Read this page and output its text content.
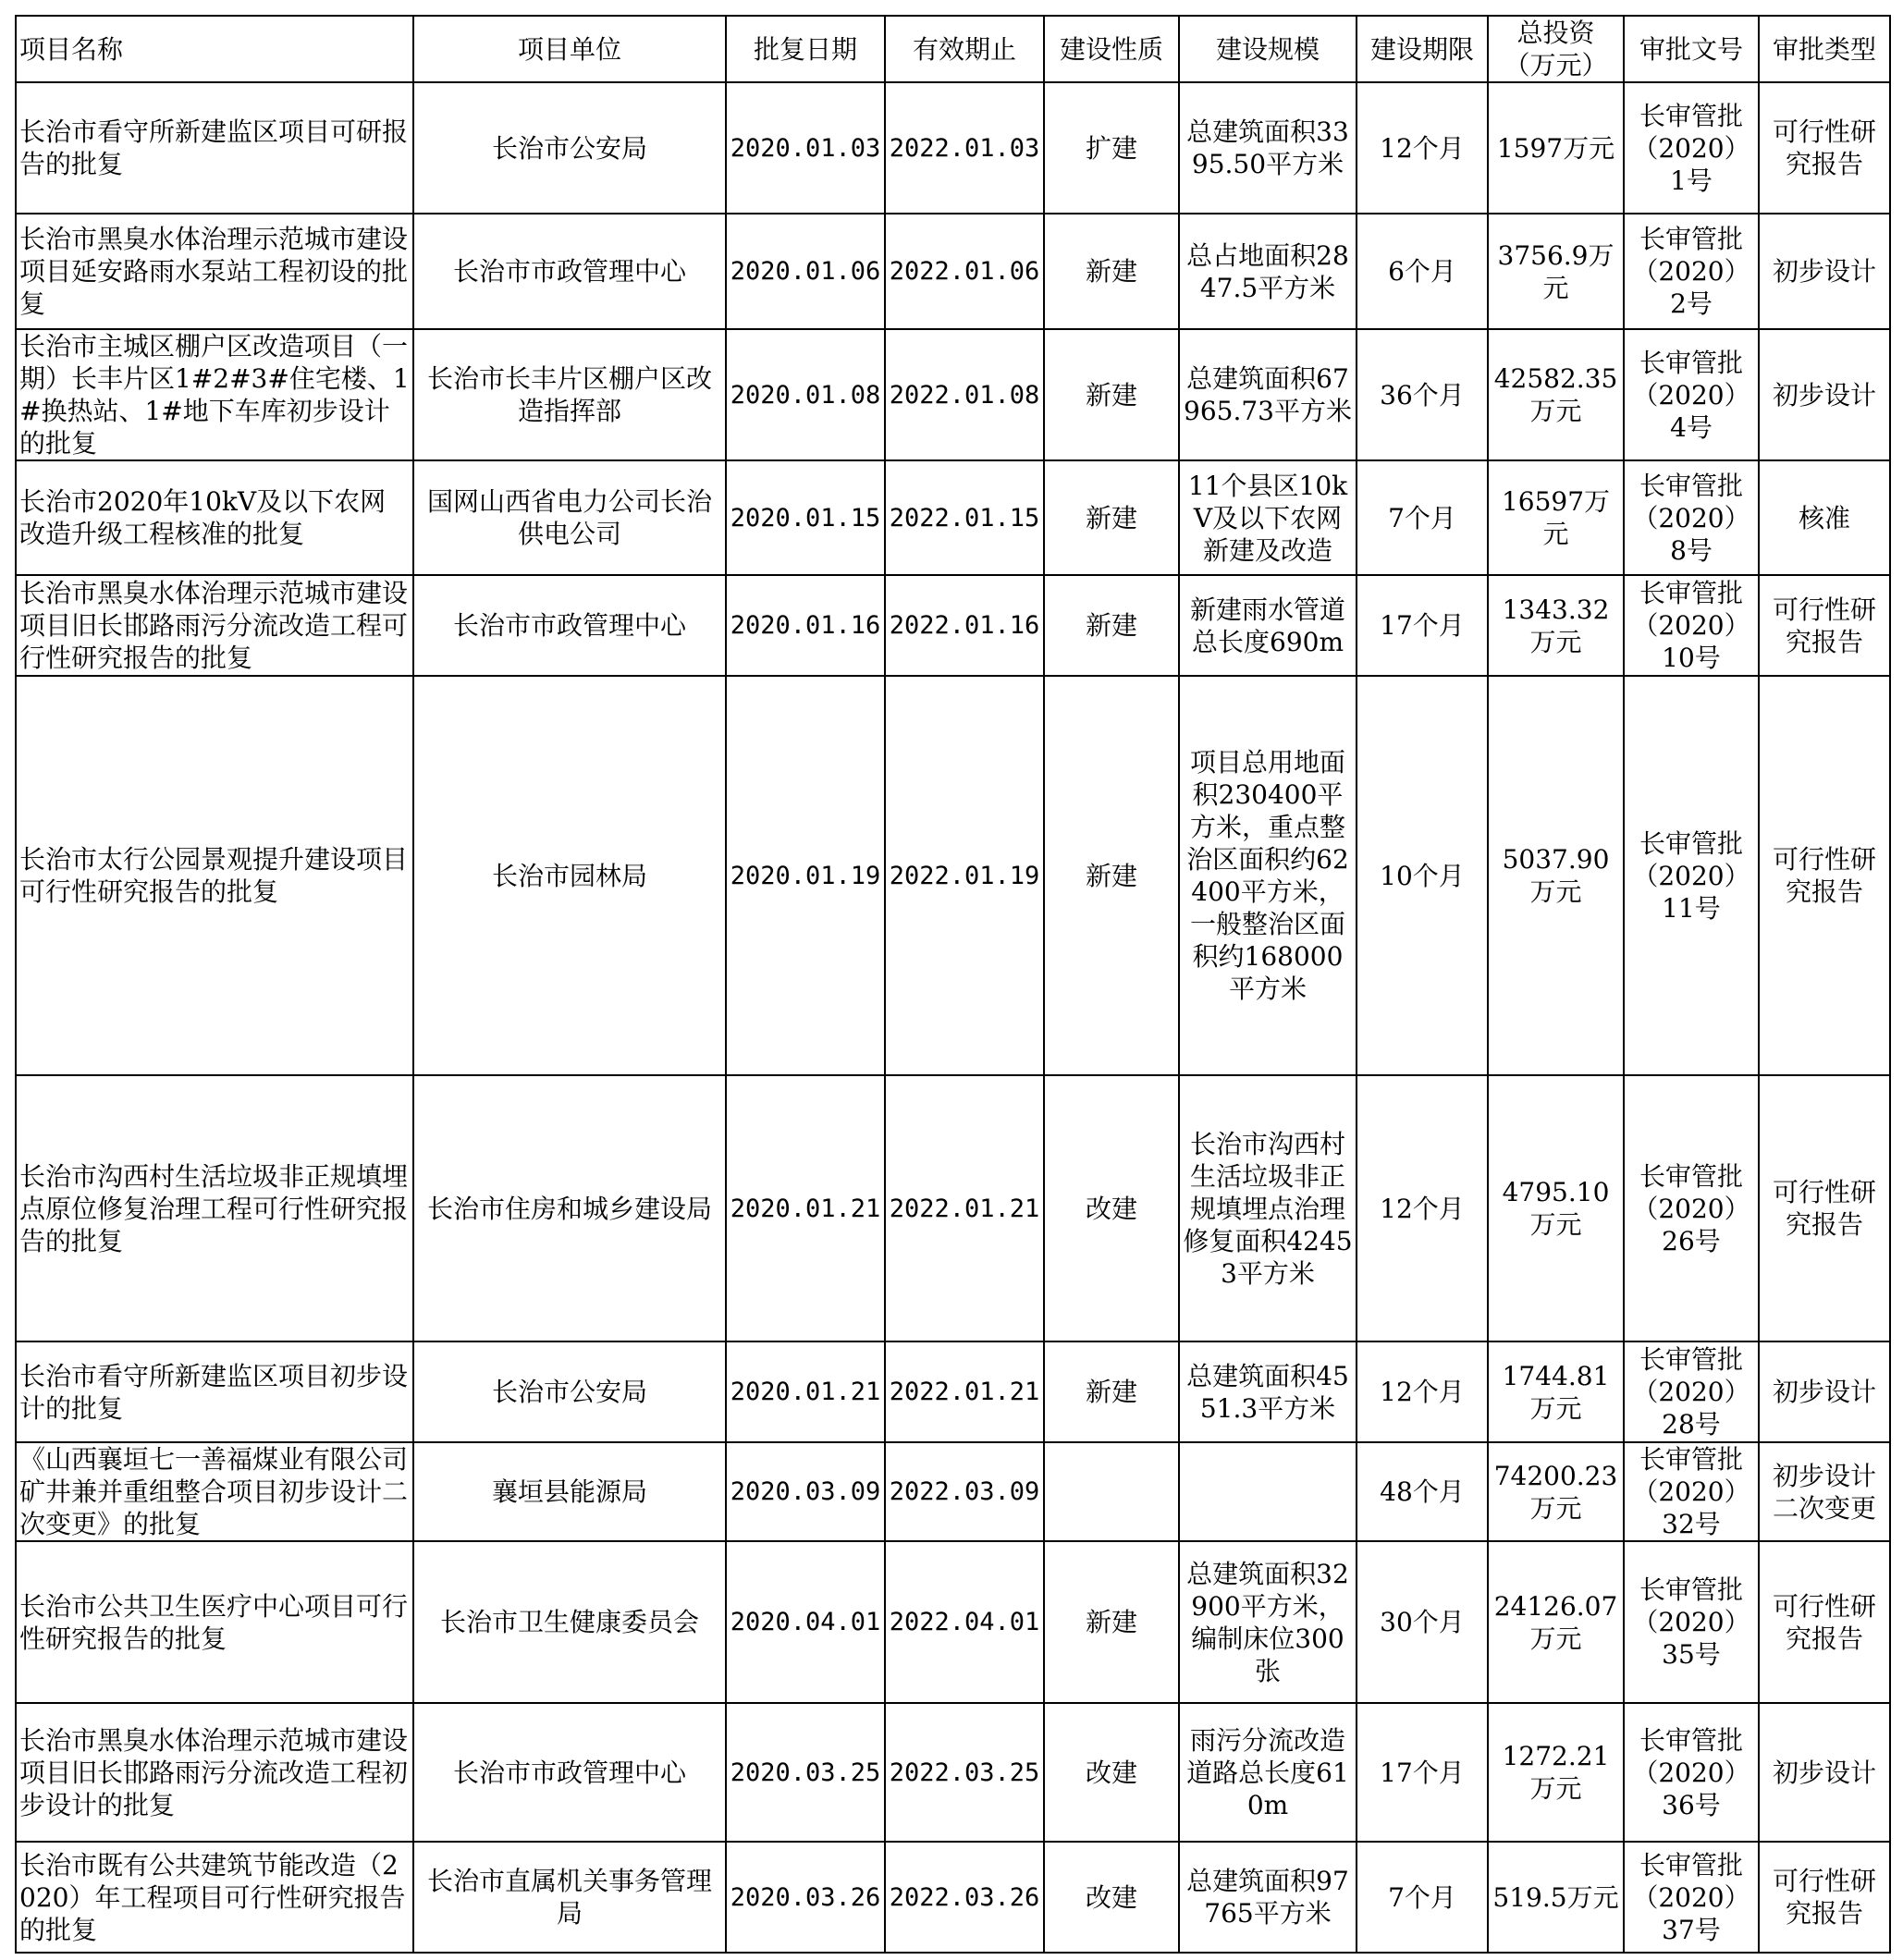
项目名称	项目单位	批复日期	有效期止	建设性质	建设规模	建设期限	总投资（万元）	审批文号	审批类型
长治市看守所新建监区项目可研报告的批复	长治市公安局	2020.01.03	2022.01.03	扩建	总建筑面积3395.50平方米	12个月	1597万元	长审管批（2020）1号	可行性研究报告
长治市黑臭水体治理示范城市建设项目延安路雨水泵站工程初设的批复	长治市市政管理中心	2020.01.06	2022.01.06	新建	总占地面积2847.5平方米	6个月	3756.9万元	长审管批（2020）2号	初步设计
长治市主城区棚户区改造项目（一期）长丰片区1#2#3#住宅楼、1#换热站、1#地下车库初步设计的批复	长治市长丰片区棚户区改造指挥部	2020.01.08	2022.01.08	新建	总建筑面积67965.73平方米	36个月	42582.35万元	长审管批（2020）4号	初步设计
长治市2020年10kV及以下农网改造升级工程核准的批复	国网山西省电力公司长治供电公司	2020.01.15	2022.01.15	新建	11个县区10kV及以下农网新建及改造	7个月	16597万元	长审管批（2020）8号	核准
长治市黑臭水体治理示范城市建设项目旧长邯路雨污分流改造工程可行性研究报告的批复	长治市市政管理中心	2020.01.16	2022.01.16	新建	新建雨水管道总长度690m	17个月	1343.32万元	长审管批（2020）10号	可行性研究报告
长治市太行公园景观提升建设项目可行性研究报告的批复	长治市园林局	2020.01.19	2022.01.19	新建	项目总用地面积230400平方米，重点整治区面积约62400平方米，一般整治区面积约168000平方米	10个月	5037.90万元	长审管批（2020）11号	可行性研究报告
长治市沟西村生活垃圾非正规填埋点原位修复治理工程可行性研究报告的批复	长治市住房和城乡建设局	2020.01.21	2022.01.21	改建	长治市沟西村生活垃圾非正规填埋点治理修复面积42453平方米	12个月	4795.10万元	长审管批（2020）26号	可行性研究报告
长治市看守所新建监区项目初步设计的批复	长治市公安局	2020.01.21	2022.01.21	新建	总建筑面积4551.3平方米	12个月	1744.81万元	长审管批（2020）28号	初步设计
《山西襄垣七一善福煤业有限公司矿井兼并重组整合项目初步设计二次变更》的批复	襄垣县能源局	2020.03.09	2022.03.09			48个月	74200.23万元	长审管批（2020）32号	初步设计二次变更
长治市公共卫生医疗中心项目可行性研究报告的批复	长治市卫生健康委员会	2020.04.01	2022.04.01	新建	总建筑面积32900平方米，编制床位300张	30个月	24126.07万元	长审管批（2020）35号	可行性研究报告
长治市黑臭水体治理示范城市建设项目旧长邯路雨污分流改造工程初步设计的批复	长治市市政管理中心	2020.03.25	2022.03.25	改建	雨污分流改造道路总长度610m	17个月	1272.21万元	长审管批（2020）36号	初步设计
长治市既有公共建筑节能改造（2020）年工程项目可行性研究报告的批复	长治市直属机关事务管理局	2020.03.26	2022.03.26	改建	总建筑面积97765平方米	7个月	519.5万元	长审管批（2020）37号	可行性研究报告
